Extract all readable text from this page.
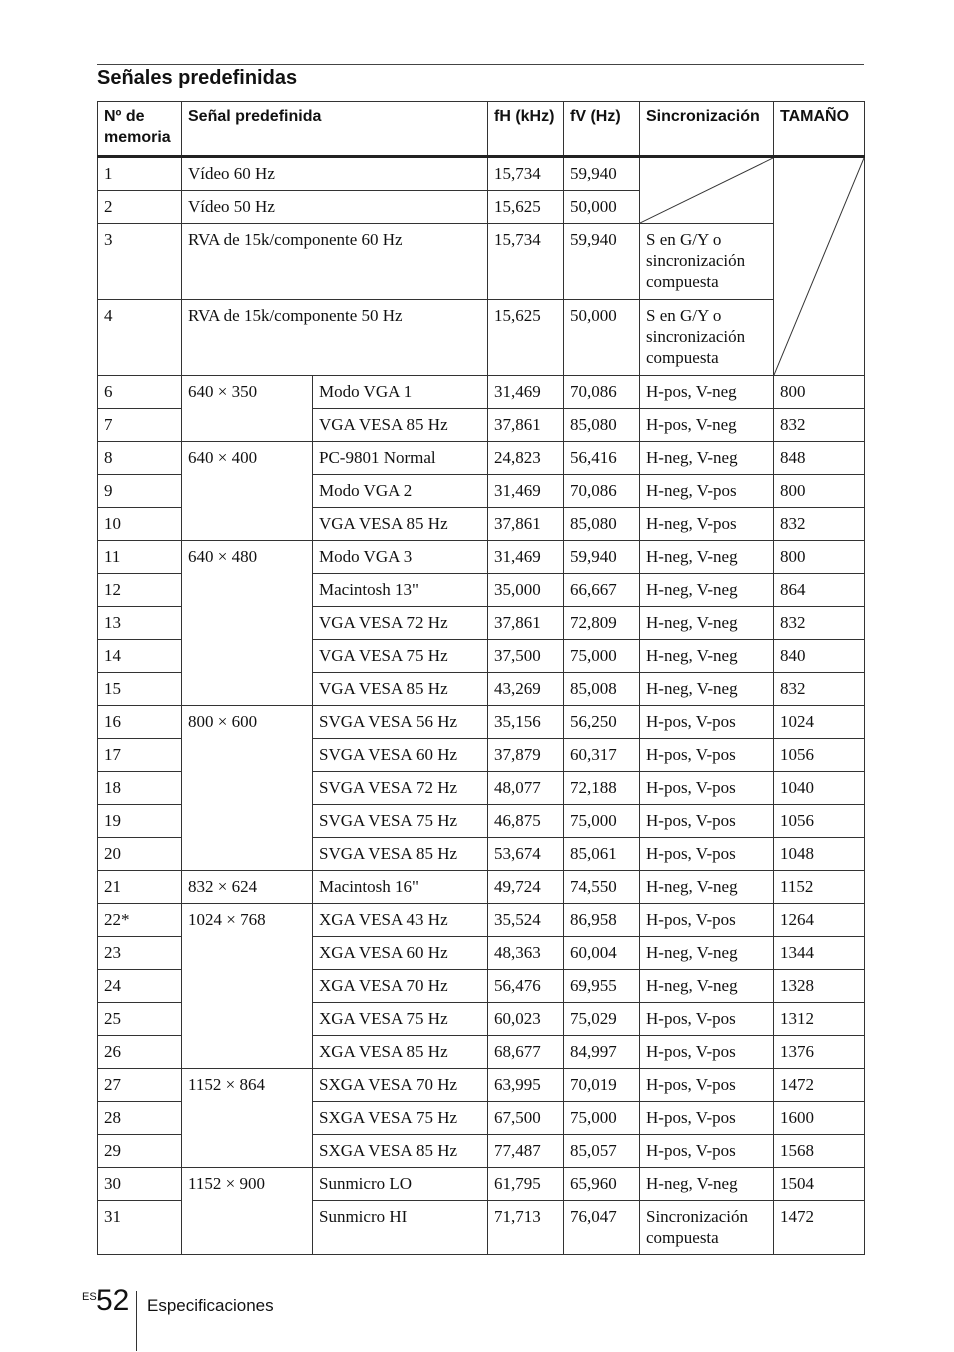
Señales predefinidas
Nº de
memoria	Señal predefinida		fH (kHz)	fV (Hz)	Sincronización	TAMAÑO
1	Vídeo 60 Hz		15,734	59,940	

2	Vídeo 50 Hz		15,625	50,000		
3	RVA de 15k/componente 60 Hz		15,734	59,940	S en G/Y o sincronización compuesta	
4	RVA de 15k/componente 50 Hz		15,625	50,000	S en G/Y o sincronización compuesta	
6	640 × 350	Modo VGA 1	31,469	70,086	H-pos, V-neg	800
7		VGA VESA 85 Hz	37,861	85,080	H-pos, V-neg	832
8	640 × 400	PC-9801 Normal	24,823	56,416	H-neg, V-neg	848
9		Modo VGA 2	31,469	70,086	H-neg, V-pos	800
10		VGA VESA 85 Hz	37,861	85,080	H-neg, V-pos	832
11	640 × 480	Modo VGA 3	31,469	59,940	H-neg, V-neg	800
12		Macintosh 13"	35,000	66,667	H-neg, V-neg	864
13		VGA VESA 72 Hz	37,861	72,809	H-neg, V-neg	832
14		VGA VESA 75 Hz	37,500	75,000	H-neg, V-neg	840
15		VGA VESA 85 Hz	43,269	85,008	H-neg, V-neg	832
16	800 × 600	SVGA VESA 56 Hz	35,156	56,250	H-pos, V-pos	1024
17		SVGA VESA 60 Hz	37,879	60,317	H-pos, V-pos	1056
18		SVGA VESA 72 Hz	48,077	72,188	H-pos, V-pos	1040
19		SVGA VESA 75 Hz	46,875	75,000	H-pos, V-pos	1056
20		SVGA VESA 85 Hz	53,674	85,061	H-pos, V-pos	1048
21	832 × 624	Macintosh 16"	49,724	74,550	H-neg, V-neg	1152
22*	1024 × 768	XGA VESA 43 Hz	35,524	86,958	H-pos, V-pos	1264
23		XGA VESA 60 Hz	48,363	60,004	H-neg, V-neg	1344
24		XGA VESA 70 Hz	56,476	69,955	H-neg, V-neg	1328
25		XGA VESA 75 Hz	60,023	75,029	H-pos, V-pos	1312
26		XGA VESA 85 Hz	68,677	84,997	H-pos, V-pos	1376
27	1152 × 864	SXGA VESA 70 Hz	63,995	70,019	H-pos, V-pos	1472
28		SXGA VESA 75 Hz	67,500	75,000	H-pos, V-pos	1600
29		SXGA VESA 85 Hz	77,487	85,057	H-pos, V-pos	1568
30	1152 × 900	Sunmicro LO	61,795	65,960	H-neg, V-neg	1504
31		Sunmicro HI	71,713	76,047	Sincronización compuesta	1472
ES 52 Especificaciones
